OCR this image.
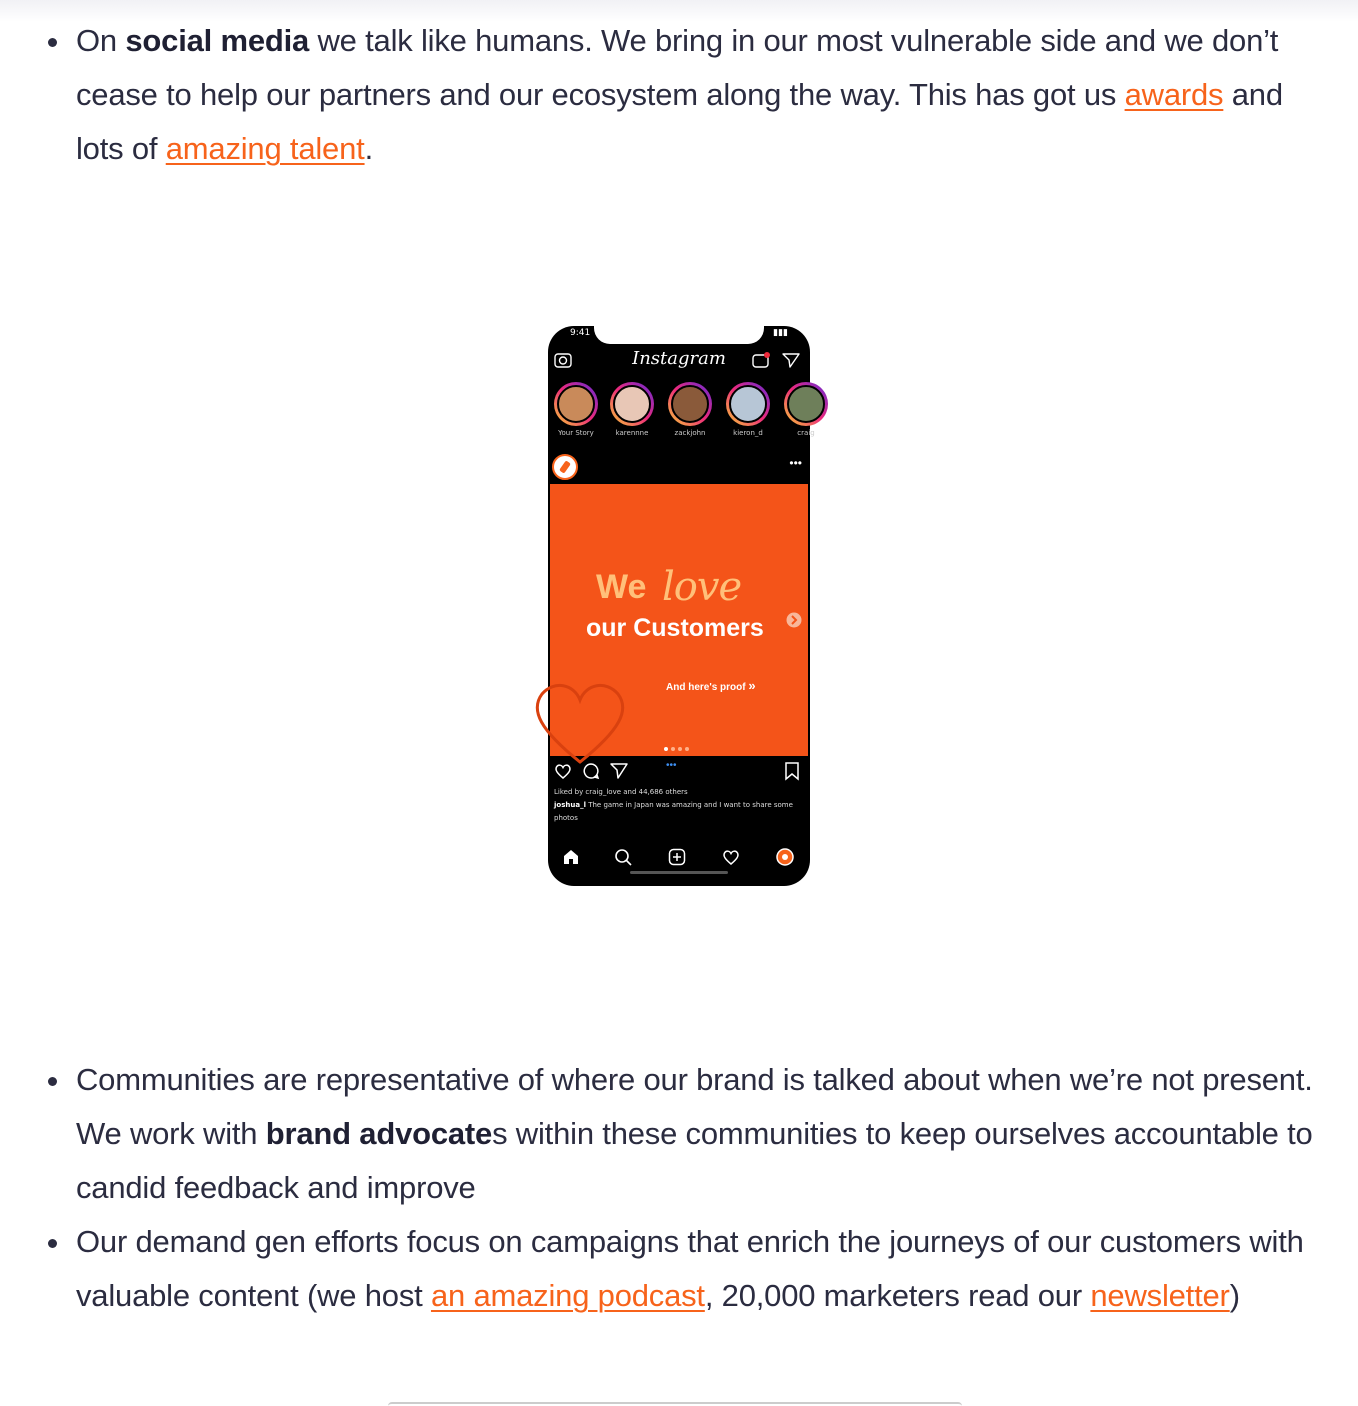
On social media we talk like humans. We bring in our most vulnerable side and we don’t cease to help our partners and our ecosystem along the way. This has got us awards and lots of amazing talent.
9:41	▮▮▮
Instagram
Your Story	karennne	zackjohn	kieron_d	craig
•••
We love
our Customers
And here's proof »
•••
Liked by craig_love and 44,686 others
joshua_l The game in Japan was amazing and I want to share some photos
Communities are representative of where our brand is talked about when we’re not present. We work with brand advocates within these communities to keep ourselves accountable to candid feedback and improve
Our demand gen efforts focus on campaigns that enrich the journeys of our customers with valuable content (we host an amazing podcast, 20,000 marketers read our newsletter)
